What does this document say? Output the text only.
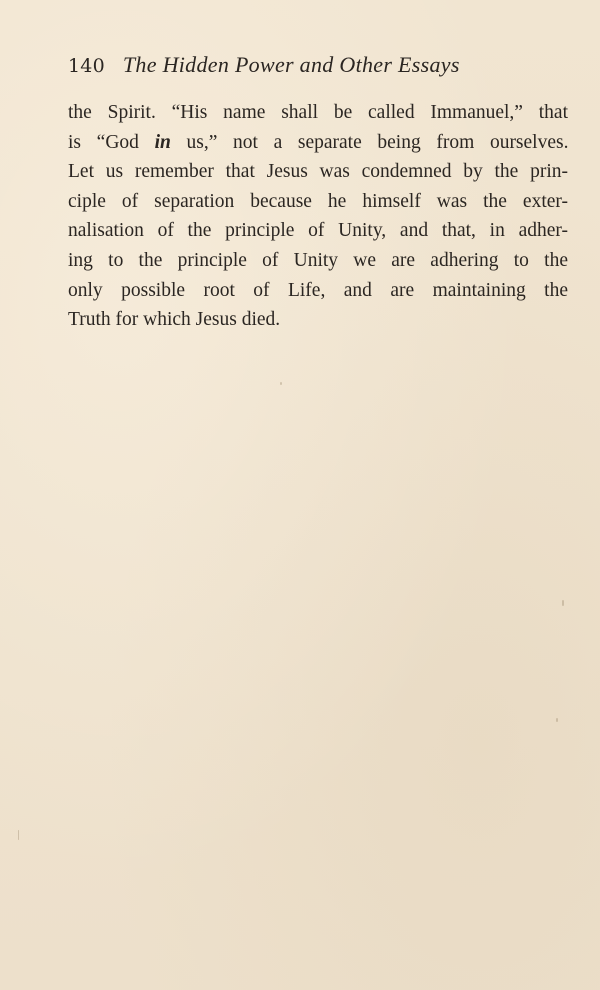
140 The Hidden Power and Other Essays
the Spirit. “His name shall be called Immanuel,” that
is “God in us,” not a separate being from ourselves.
Let us remember that Jesus was condemned by the prin-
ciple of separation because he himself was the exter-
nalisation of the principle of Unity, and that, in adher-
ing to the principle of Unity we are adhering to the
only possible root of Life, and are maintaining the
Truth for which Jesus died.
